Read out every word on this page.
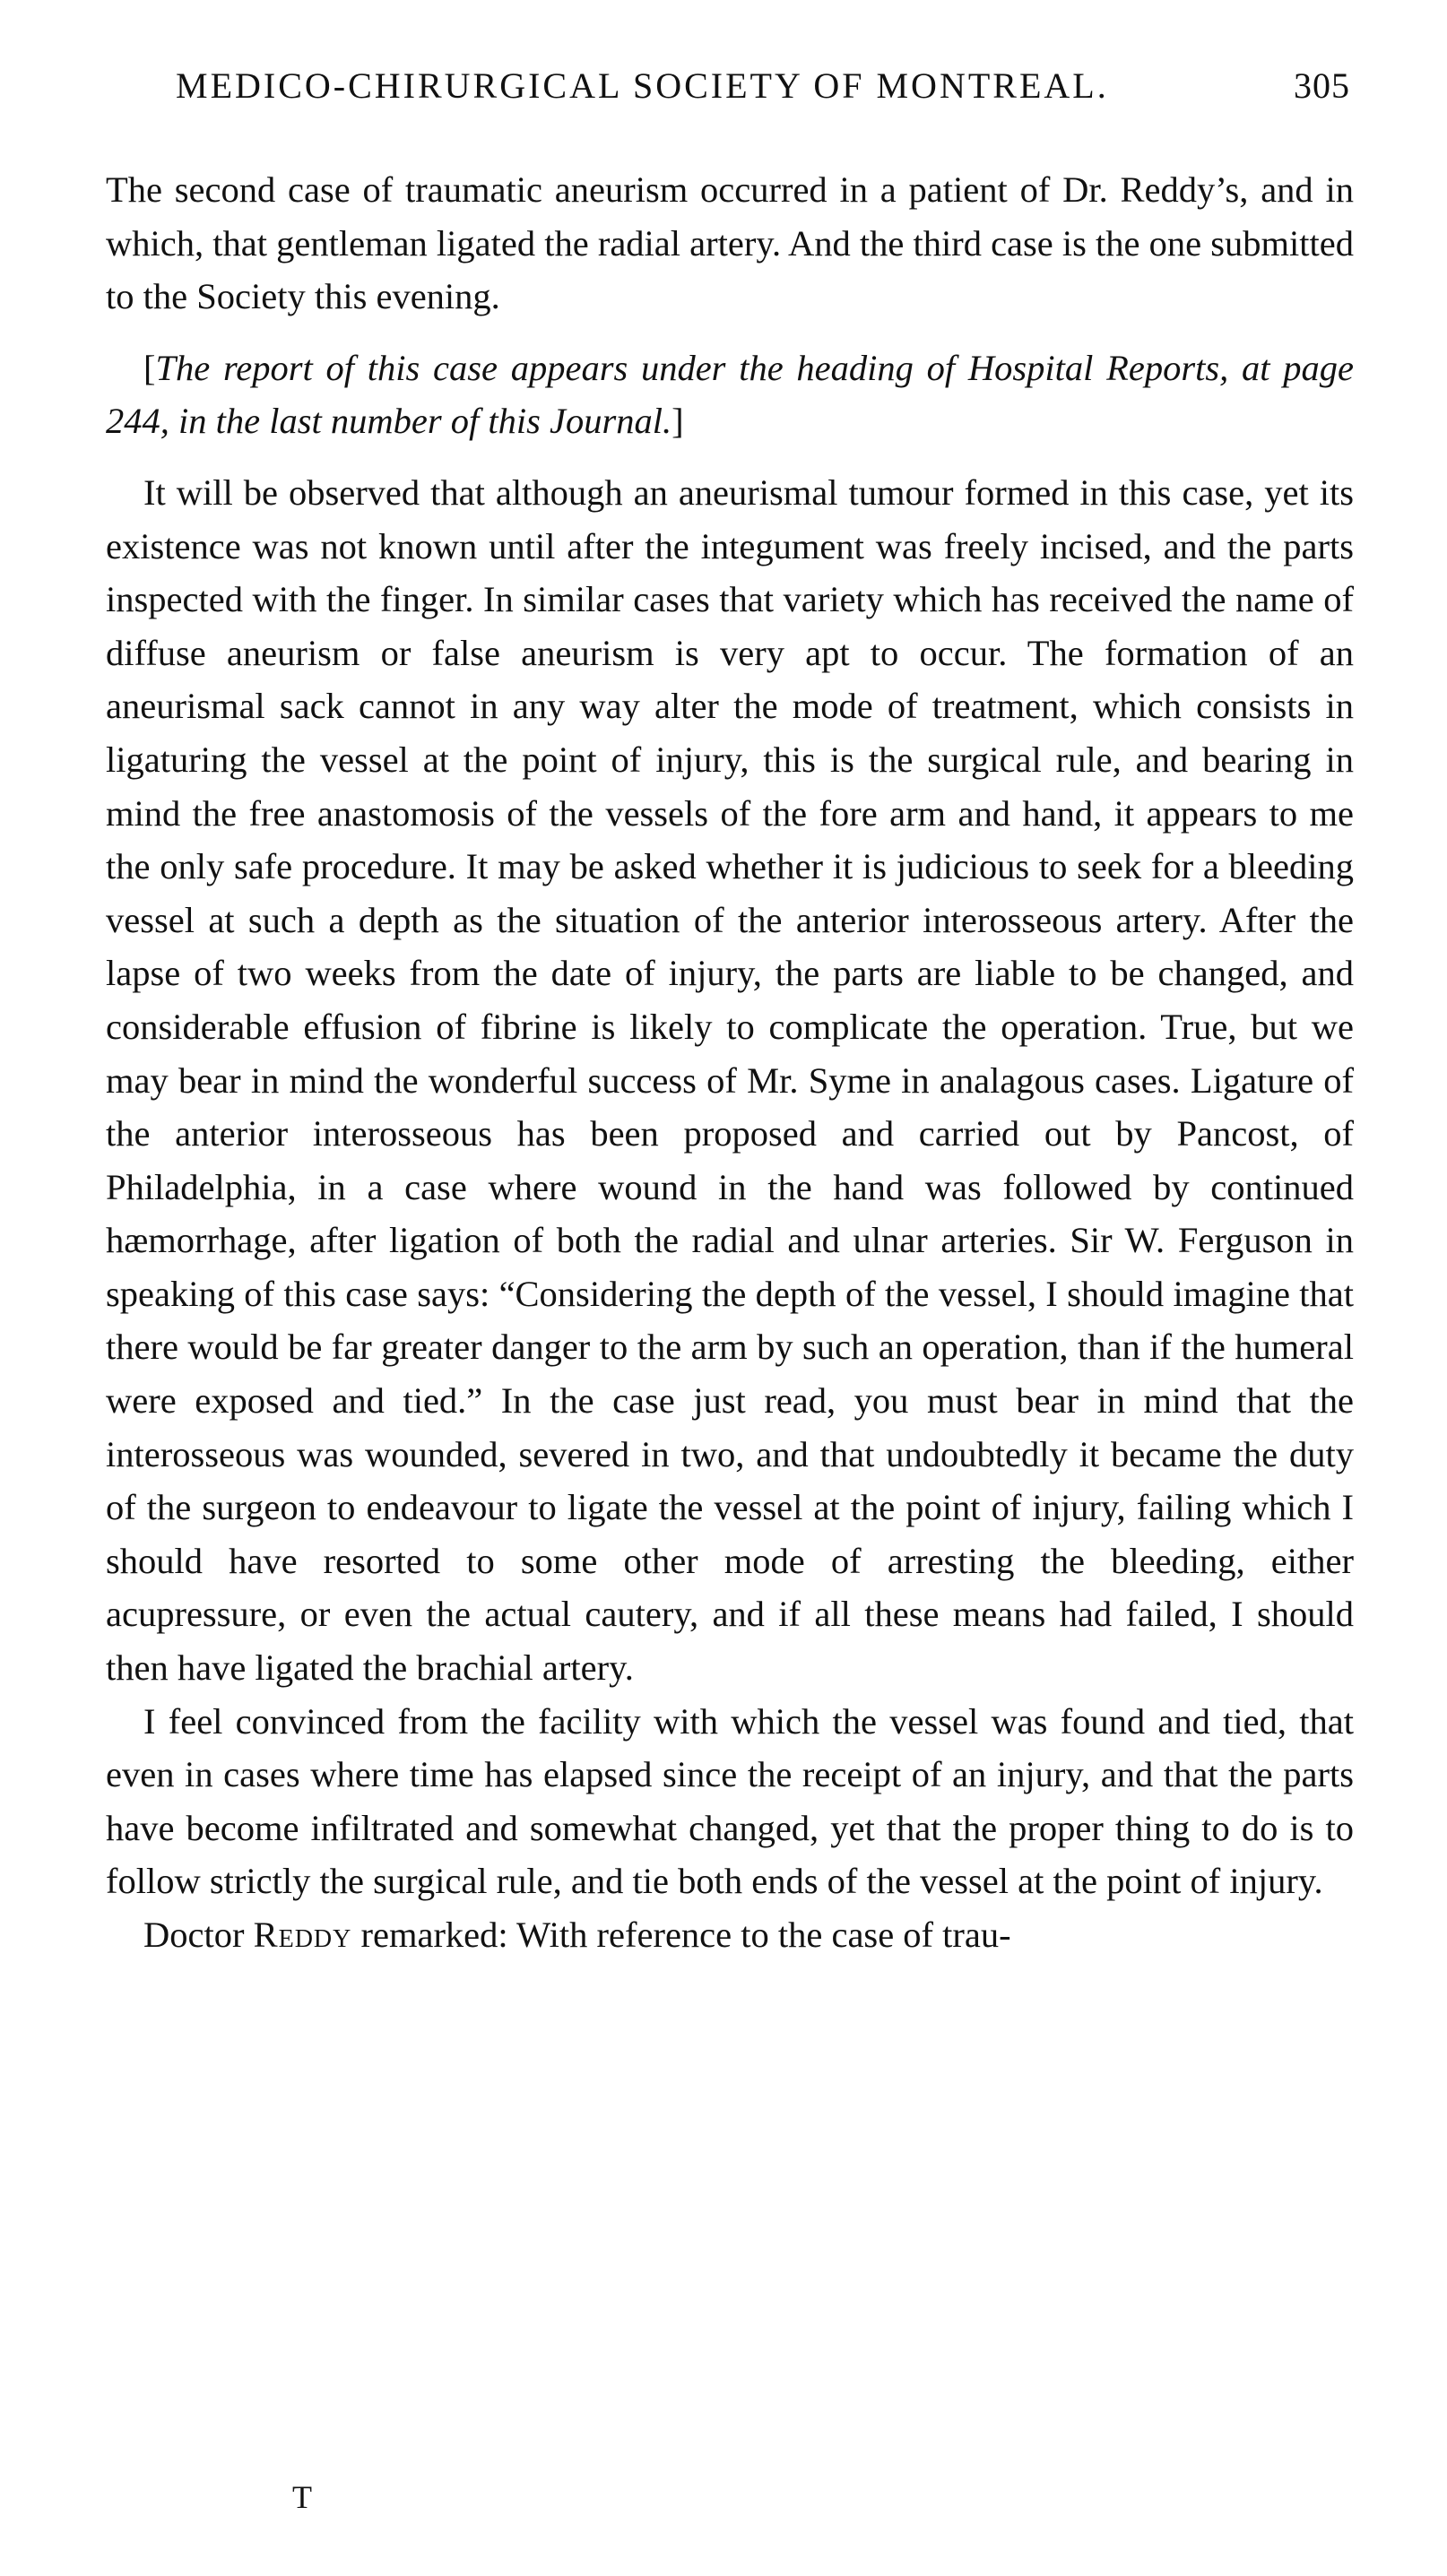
MEDICO-CHIRURGICAL SOCIETY OF MONTREAL.	305

The second case of traumatic aneurism occurred in a patient of Dr. Reddy’s, and in which, that gentleman ligated the radial artery. And the third case is the one submitted to the Society this evening.

[The report of this case appears under the heading of Hospital Reports, at page 244, in the last number of this Journal.]

It will be observed that although an aneurismal tumour formed in this case, yet its existence was not known until after the integument was freely incised, and the parts inspected with the finger. In similar cases that variety which has received the name of diffuse aneurism or false aneurism is very apt to occur. The formation of an aneurismal sack cannot in any way alter the mode of treatment, which consists in ligaturing the vessel at the point of injury, this is the surgical rule, and bearing in mind the free anastomosis of the vessels of the fore arm and hand, it appears to me the only safe procedure. It may be asked whether it is judicious to seek for a bleeding vessel at such a depth as the situation of the anterior interosseous artery. After the lapse of two weeks from the date of injury, the parts are liable to be changed, and considerable effusion of fibrine is likely to complicate the operation. True, but we may bear in mind the wonderful success of Mr. Syme in analagous cases. Ligature of the anterior interosseous has been proposed and carried out by Pancost, of Philadelphia, in a case where wound in the hand was followed by continued hæmorrhage, after ligation of both the radial and ulnar arteries. Sir W. Ferguson in speaking of this case says: “Considering the depth of the vessel, I should imagine that there would be far greater danger to the arm by such an operation, than if the humeral were exposed and tied.” In the case just read, you must bear in mind that the interosseous was wounded, severed in two, and that undoubtedly it became the duty of the surgeon to endeavour to ligate the vessel at the point of injury, failing which I should have resorted to some other mode of arresting the bleeding, either acupressure, or even the actual cautery, and if all these means had failed, I should then have ligated the brachial artery.

I feel convinced from the facility with which the vessel was found and tied, that even in cases where time has elapsed since the receipt of an injury, and that the parts have become infiltrated and somewhat changed, yet that the proper thing to do is to follow strictly the surgical rule, and tie both ends of the vessel at the point of injury.

Doctor Reddy remarked: With reference to the case of trau-

T
